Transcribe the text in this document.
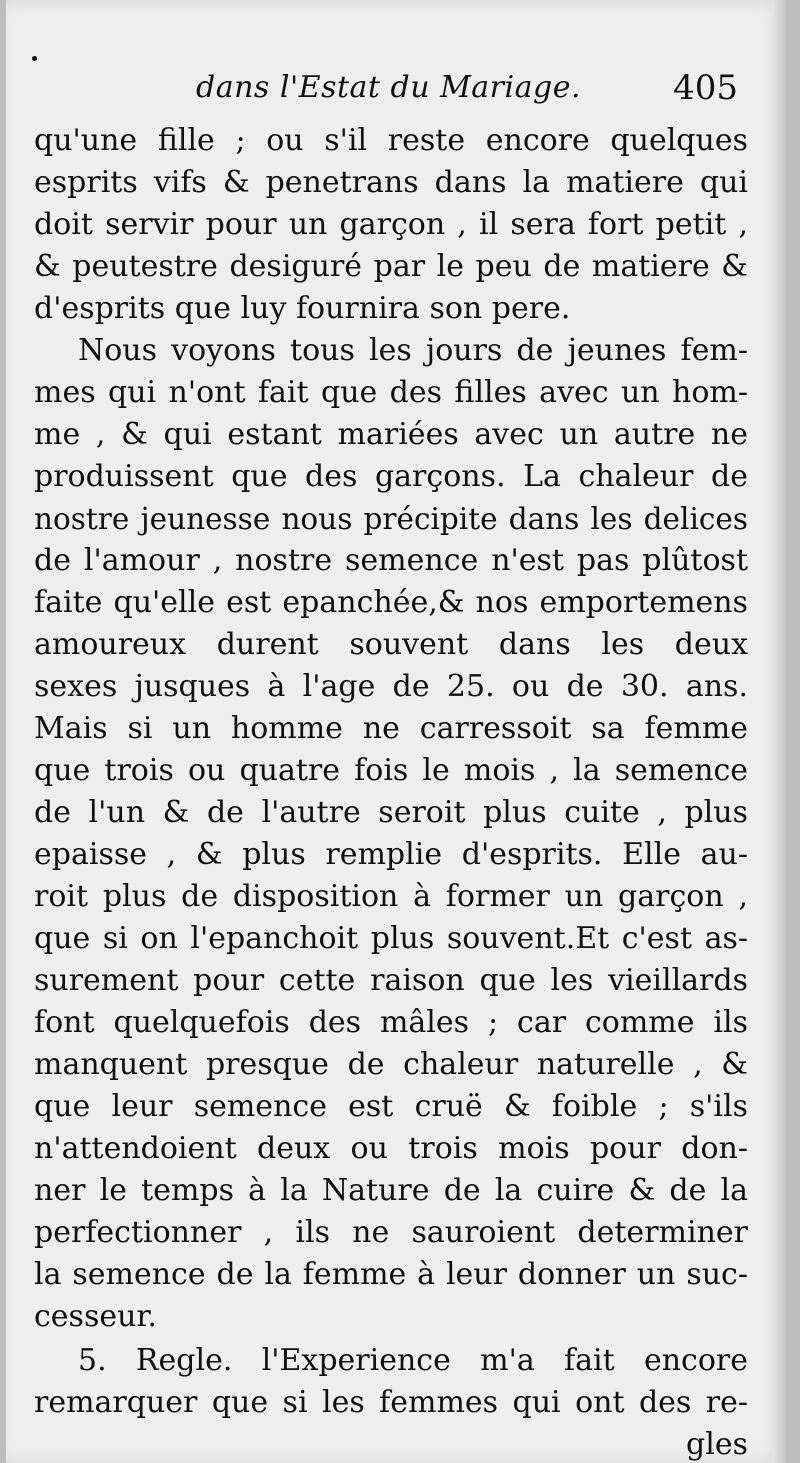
dans l'Estat du Mariage.	405
qu'une fille ; ou s'il reste encore quelques
esprits vifs & penetrans dans la matiere qui
doit servir pour un garçon , il sera fort petit ,
& peutestre desiguré par le peu de matiere &
d'esprits que luy fournira son pere.
Nous voyons tous les jours de jeunes fem-
mes qui n'ont fait que des filles avec un hom-
me , & qui estant mariées avec un autre ne
produissent que des garçons. La chaleur de
nostre jeunesse nous précipite dans les delices
de l'amour , nostre semence n'est pas plûtost
faite qu'elle est epanchée,& nos emportemens
amoureux durent souvent dans les deux
sexes jusques à l'age de 25. ou de 30. ans.
Mais si un homme ne carressoit sa femme
que trois ou quatre fois le mois , la semence
de l'un & de l'autre seroit plus cuite , plus
epaisse , & plus remplie d'esprits. Elle au-
roit plus de disposition à former un garçon ,
que si on l'epanchoit plus souvent.Et c'est as-
surement pour cette raison que les vieillards
font quelquefois des mâles ; car comme ils
manquent presque de chaleur naturelle , &
que leur semence est cruë & foible ; s'ils
n'attendoient deux ou trois mois pour don-
ner le temps à la Nature de la cuire & de la
perfectionner , ils ne sauroient determiner
la semence de la femme à leur donner un suc-
cesseur.
5. Regle. l'Experience m'a fait encore
remarquer que si les femmes qui ont des re-
gles
